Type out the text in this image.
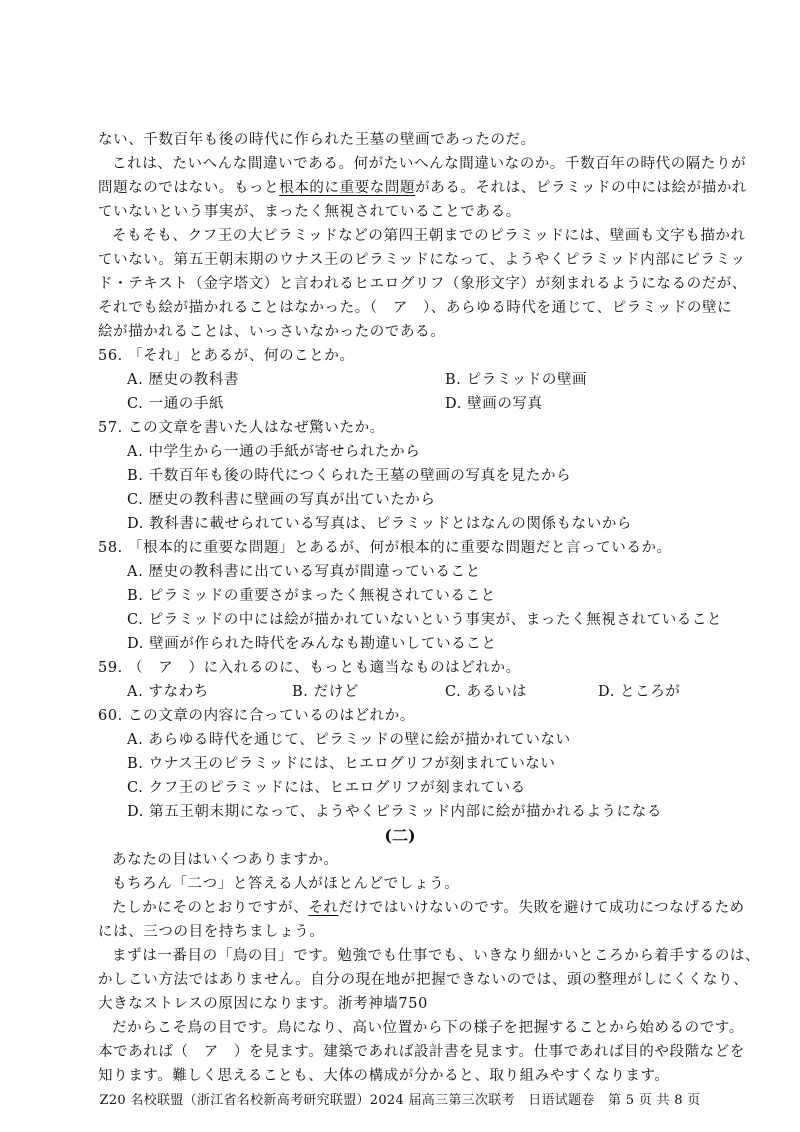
ない、千数百年も後の時代に作られた王墓の壁画であったのだ。
これは、たいへんな間違いである。何がたいへんな間違いなのか。千数百年の時代の隔たりが
問題なのではない。もっと根本的に重要な問題がある。それは、ピラミッドの中には絵が描かれ
ていないという事実が、まったく無視されていることである。
そもそも、クフ王の大ピラミッドなどの第四王朝までのピラミッドには、壁画も文字も描かれ
ていない。第五王朝末期のウナス王のピラミッドになって、ようやくピラミッド内部にピラミッ
ド・テキスト（金字塔文）と言われるヒエログリフ（象形文字）が刻まれるようになるのだが、
それでも絵が描かれることはなかった。（　ア　）、あらゆる時代を通じて、ピラミッドの壁に
絵が描かれることは、いっさいなかったのである。
56. 「それ」とあるが、何のことか。
A. 歴史の教科書	B. ピラミッドの壁画
C. 一通の手紙	D. 壁画の写真
57. この文章を書いた人はなぜ驚いたか。
A. 中学生から一通の手紙が寄せられたから
B. 千数百年も後の時代につくられた王墓の壁画の写真を見たから
C. 歴史の教科書に壁画の写真が出ていたから
D. 教科書に載せられている写真は、ピラミッドとはなんの関係もないから
58. 「根本的に重要な問題」とあるが、何が根本的に重要な問題だと言っているか。
A. 歴史の教科書に出ている写真が間違っていること
B. ピラミッドの重要さがまったく無視されていること
C. ピラミッドの中には絵が描かれていないという事実が、まったく無視されていること
D. 壁画が作られた時代をみんなも勘違いしていること
59. （　ア　）に入れるのに、もっとも適当なものはどれか。
A. すなわち	B. だけど	C. あるいは	D. ところが
60. この文章の内容に合っているのはどれか。
A. あらゆる時代を通じて、ピラミッドの壁に絵が描かれていない
B. ウナス王のピラミッドには、ヒエログリフが刻まれていない
C. クフ王のピラミッドには、ヒエログリフが刻まれている
D. 第五王朝末期になって、ようやくピラミッド内部に絵が描かれるようになる
(二)
あなたの目はいくつありますか。
もちろん「二つ」と答える人がほとんどでしょう。
たしかにそのとおりですが、それだけではいけないのです。失敗を避けて成功につなげるため
には、三つの目を持ちましょう。
まずは一番目の「鳥の目」です。勉強でも仕事でも、いきなり細かいところから着手するのは、
かしこい方法ではありません。自分の現在地が把握できないのでは、頭の整理がしにくくなり、
大きなストレスの原因になります。浙考神墙750
だからこそ鳥の目です。鳥になり、高い位置から下の様子を把握することから始めるのです。
Z20 名校联盟（浙江省名校新高考研究联盟）2024 届高三第三次联考　日语试题卷　第 5 页 共 8 页
本であれば（　ア　）を見ます。建築であれば設計書を見ます。仕事であれば目的や段階などを
知ります。難しく思えることも、大体の構成が分かると、取り組みやすくなります。
